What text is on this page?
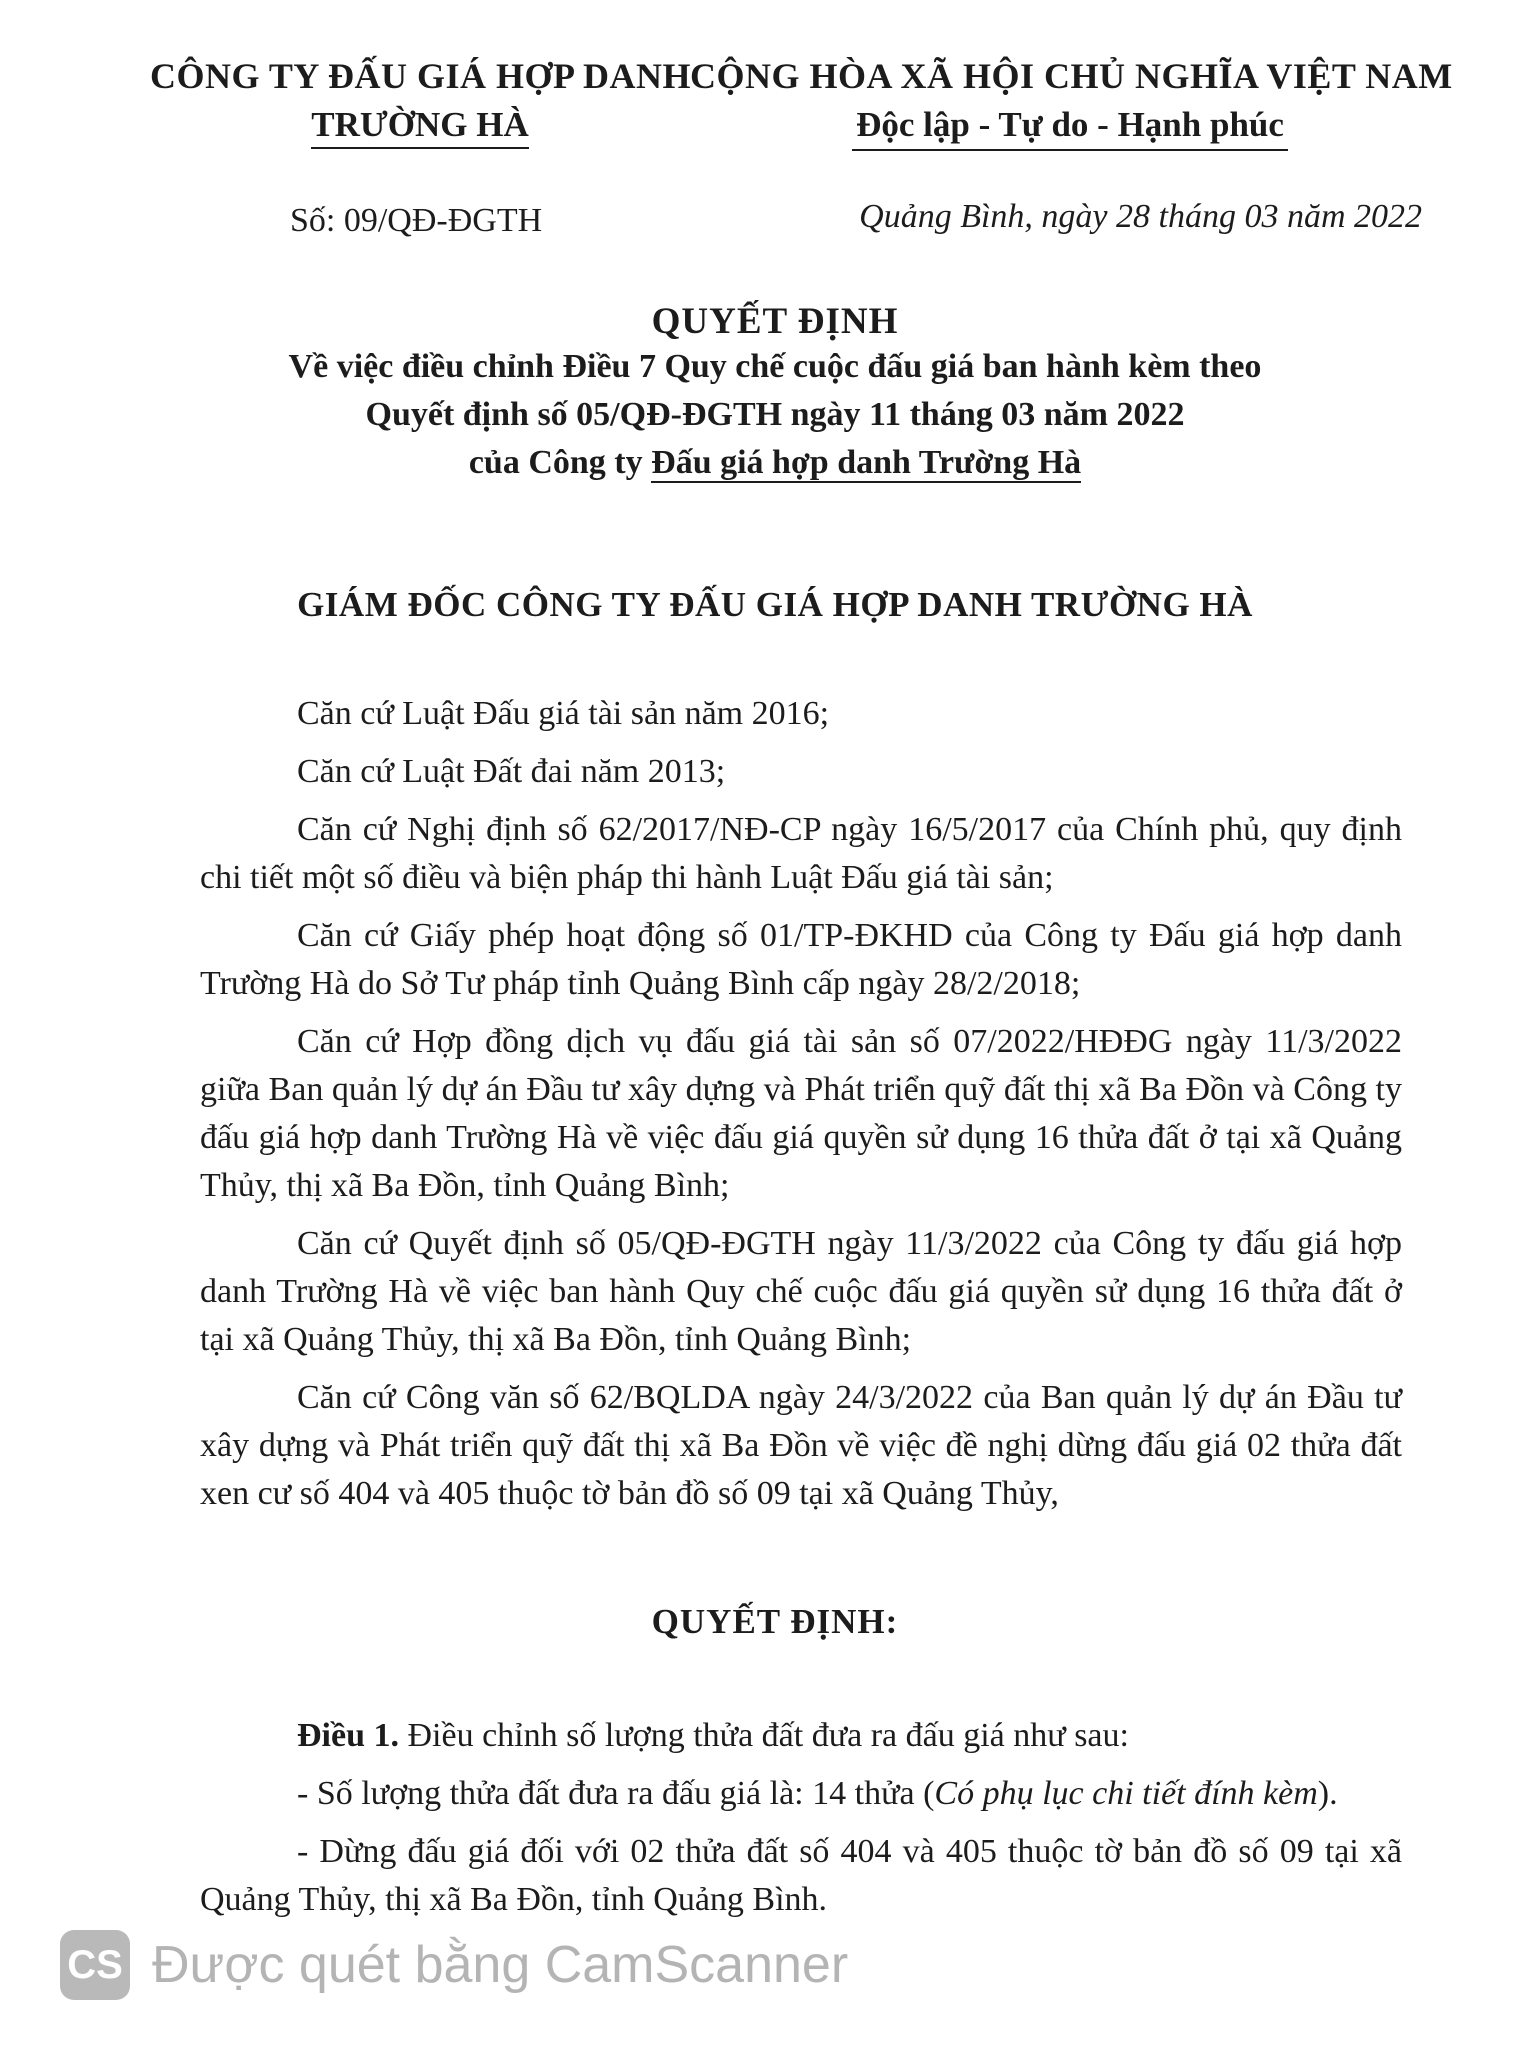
CÔNG TY ĐẤU GIÁ HỢP DANH
TRƯỜNG HÀ
CỘNG HÒA XÃ HỘI CHỦ NGHĨA VIỆT NAM
Độc lập - Tự do - Hạnh phúc
Số: 09/QĐ-ĐGTH	Quảng Bình, ngày 28 tháng 03 năm 2022
QUYẾT ĐỊNH
Về việc điều chỉnh Điều 7 Quy chế cuộc đấu giá ban hành kèm theo
Quyết định số 05/QĐ-ĐGTH ngày 11 tháng 03 năm 2022
của Công ty Đấu giá hợp danh Trường Hà
GIÁM ĐỐC CÔNG TY ĐẤU GIÁ HỢP DANH TRƯỜNG HÀ

Căn cứ Luật Đấu giá tài sản năm 2016;

Căn cứ Luật Đất đai năm 2013;

Căn cứ Nghị định số 62/2017/NĐ-CP ngày 16/5/2017 của Chính phủ, quy định chi tiết một số điều và biện pháp thi hành Luật Đấu giá tài sản;

Căn cứ Giấy phép hoạt động số 01/TP-ĐKHD của Công ty Đấu giá hợp danh Trường Hà do Sở Tư pháp tỉnh Quảng Bình cấp ngày 28/2/2018;

Căn cứ Hợp đồng dịch vụ đấu giá tài sản số 07/2022/HĐĐG ngày 11/3/2022 giữa Ban quản lý dự án Đầu tư xây dựng và Phát triển quỹ đất thị xã Ba Đồn và Công ty đấu giá hợp danh Trường Hà về việc đấu giá quyền sử dụng 16 thửa đất ở tại xã Quảng Thủy, thị xã Ba Đồn, tỉnh Quảng Bình;

Căn cứ Quyết định số 05/QĐ-ĐGTH ngày 11/3/2022 của Công ty đấu giá hợp danh Trường Hà về việc ban hành Quy chế cuộc đấu giá quyền sử dụng 16 thửa đất ở tại xã Quảng Thủy, thị xã Ba Đồn, tỉnh Quảng Bình;

Căn cứ Công văn số 62/BQLDA ngày 24/3/2022 của Ban quản lý dự án Đầu tư xây dựng và Phát triển quỹ đất thị xã Ba Đồn về việc đề nghị dừng đấu giá 02 thửa đất xen cư số 404 và 405 thuộc tờ bản đồ số 09 tại xã Quảng Thủy,

QUYẾT ĐỊNH:

Điều 1. Điều chỉnh số lượng thửa đất đưa ra đấu giá như sau:

- Số lượng thửa đất đưa ra đấu giá là: 14 thửa (Có phụ lục chi tiết đính kèm).

- Dừng đấu giá đối với 02 thửa đất số 404 và 405 thuộc tờ bản đồ số 09 tại xã Quảng Thủy, thị xã Ba Đồn, tỉnh Quảng Bình.

CS Được quét bằng CamScanner
